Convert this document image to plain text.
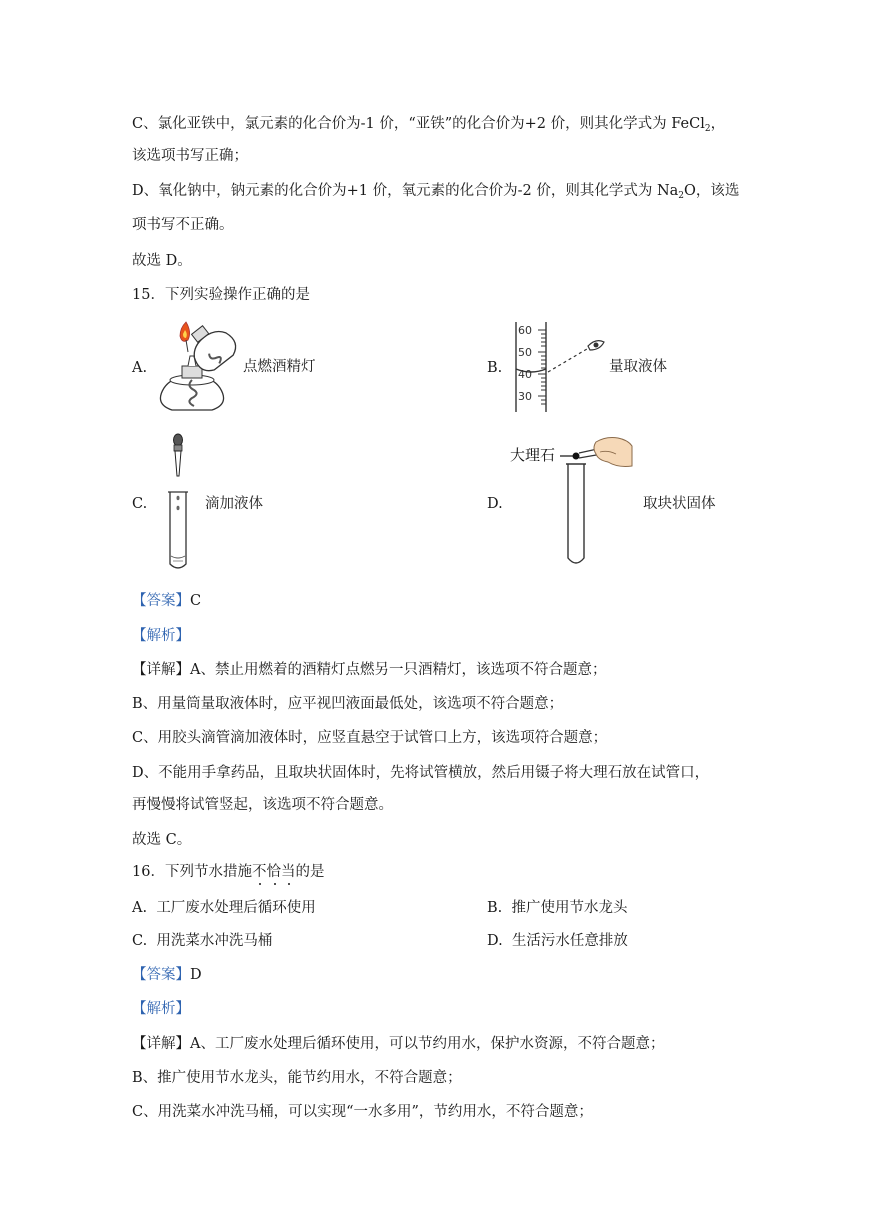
C、氯化亚铁中，氯元素的化合价为-1 价，“亚铁”的化合价为+2 价，则其化学式为 FeCl$_2$，
该选项书写正确；
D、氧化钠中，钠元素的化合价为+1 价，氧元素的化合价为-2 价，则其化学式为 $Na_2O$，该选
项书写不正确。
故选 D。
15．下列实验操作正确的是
A.	点燃酒精灯	B.
60
50
40
30
量取液体
C.	滴加液体	D.
大理石
取块状固体
【答案】C
【解析】
【详解】A、禁止用燃着的酒精灯点燃另一只酒精灯，该选项不符合题意；
B、用量筒量取液体时，应平视凹液面最低处，该选项不符合题意；
C、用胶头滴管滴加液体时，应竖直悬空于试管口上方，该选项符合题意；
D、不能用手拿药品，且取块状固体时，先将试管横放，然后用镊子将大理石放在试管口，
再慢慢将试管竖起，该选项不符合题意。
故选 C。
16．下列节水措施不恰当的是
A. 工厂废水处理后循环使用	B. 推广使用节水龙头
C. 用洗菜水冲洗马桶	D. 生活污水任意排放
【答案】D
【解析】
【详解】A、工厂废水处理后循环使用，可以节约用水，保护水资源，不符合题意；
B、推广使用节水龙头，能节约用水，不符合题意；
C、用洗菜水冲洗马桶，可以实现“一水多用”，节约用水，不符合题意；
